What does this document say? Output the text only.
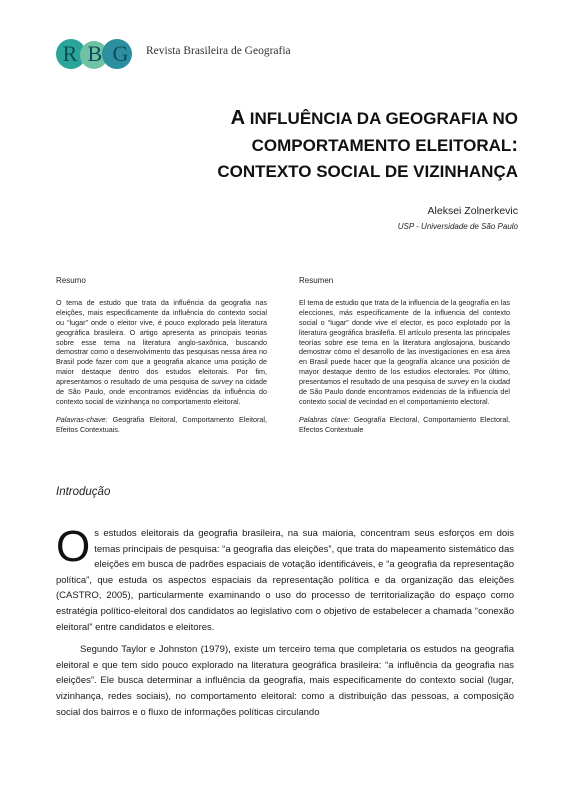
R B G Revista Brasileira de Geografia
A INFLUÊNCIA DA GEOGRAFIA NO
COMPORTAMENTO ELEITORAL:
CONTEXTO SOCIAL DE VIZINHANÇA
Aleksei Zolnerkevic
USP - Universidade de São Paulo
Resumo

O tema de estudo que trata da influência da geografia nas eleições, mais especificamente da influência do contexto social ou “lugar” onde o eleitor vive, é pouco explorado pela literatura geográfica brasileira. O artigo apresenta as principais teorias sobre esse tema na literatura anglo-saxônica, buscando demostrar como o desenvolvimento das pesquisas nessa área no Brasil pode fazer com que a geografia alcance uma posição de maior destaque dentro dos estudos eleitorais. Por fim, apresentamos o resultado de uma pesquisa de survey na cidade de São Paulo, onde encontramos evidências da influência do contexto social de vizinhança no comportamento eleitoral.

Palavras-chave: Geografia Eleitoral, Comportamento Eleitoral, Efeitos Contextuais.

Resumen

El tema de estudio que trata de la influencia de la geografía en las elecciones, más especificamente de la influencia del contexto social o “lugar” donde vive el elector, es poco explotado por la literatura geográfica brasileña. El artículo presenta las principales teorías sobre ese tema en la literatura anglosajona, buscando demostrar cómo el desarrollo de las investigaciones en esa área en Brasil puede hacer que la geografía alcance una posición de mayor destaque dentro de los estudios electorales. Por último, presentamos el resultado de una pesquisa de survey en la ciudad de São Paulo donde encontramos evidencias de la influencia del contexto social de vecindad en el comportamiento electoral.

Palabras clave: Geografía Electoral, Comportamiento Electoral, Efectos Contextuale

Introdução

Os estudos eleitorais da geografia brasileira, na sua maioria, concentram seus esforços em dois temas principais de pesquisa: “a geografia das eleições”, que trata do mapeamento sistemático das eleições em busca de padrões espaciais de votação identificáveis, e “a geografia da representação política”, que estuda os aspectos espaciais da representação política e da organização das eleições (CASTRO, 2005), particularmente examinando o uso do processo de territorialização do espaço como estratégia político-eleitoral dos candidatos ao legislativo com o objetivo de estabelecer a chamada “conexão eleitoral” entre candidatos e eleitores.

Segundo Taylor e Johnston (1979), existe um terceiro tema que completaria os estudos na geografia eleitoral e que tem sido pouco explorado na literatura geográfica brasileira: “a influência da geografia nas eleições”. Ele busca determinar a influência da geografia, mais especificamente do contexto social (lugar, vizinhança, redes sociais), no comportamento eleitoral: como a distribuição das pessoas, a composição social dos bairros e o fluxo de informações políticas circulando
